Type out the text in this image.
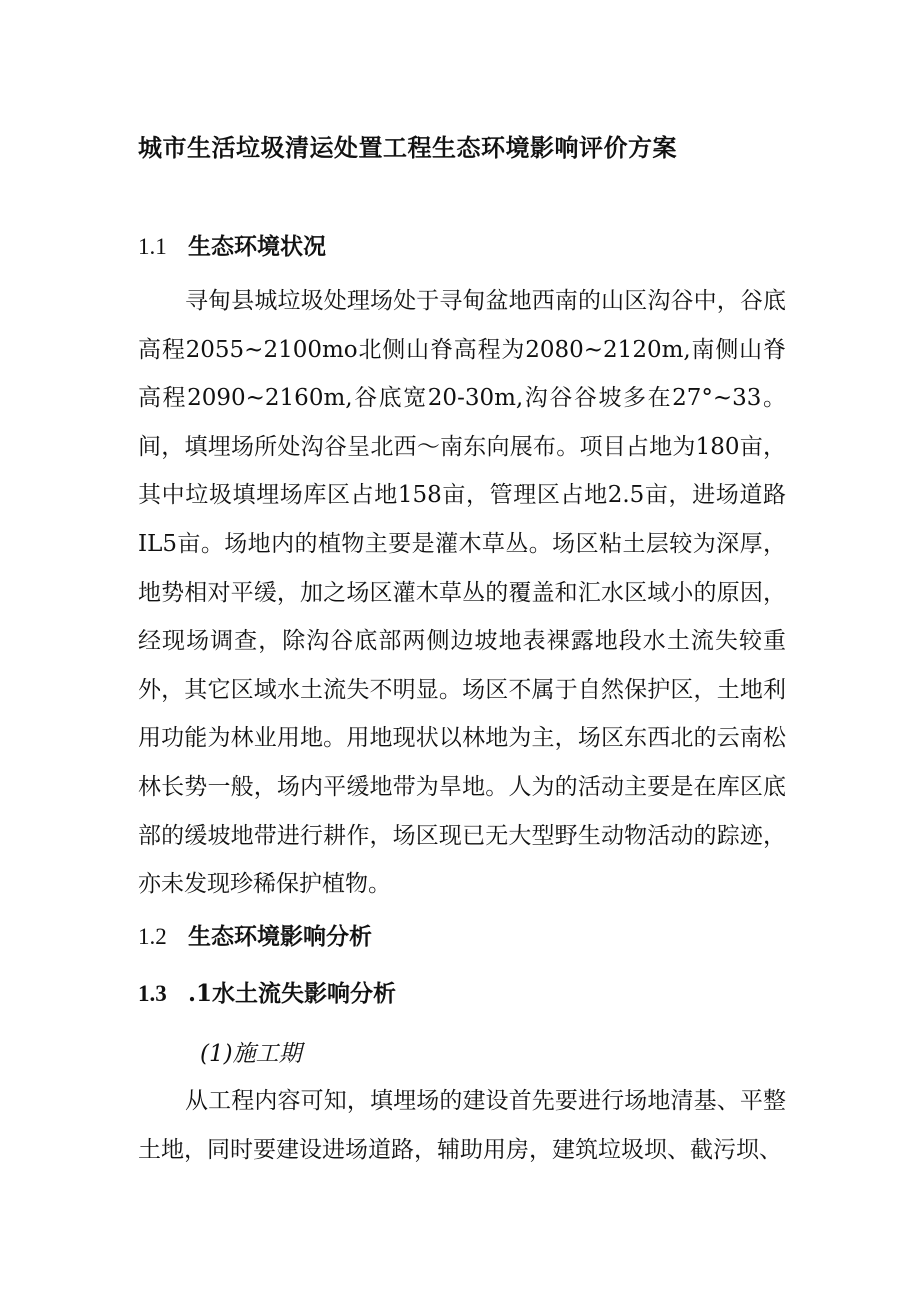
城市生活垃圾清运处置工程生态环境影响评价方案
1.1 生态环境状况

寻甸县城垃圾处理场处于寻甸盆地西南的山区沟谷中，谷底高程2055~2100mo北侧山脊高程为2080~2120m,南侧山脊高程2090~2160m,谷底宽20-30m,沟谷谷坡多在27°~33。间，填埋场所处沟谷呈北西～南东向展布。项目占地为180亩，其中垃圾填埋场库区占地158亩，管理区占地2.5亩，进场道路IL5亩。场地内的植物主要是灌木草丛。场区粘土层较为深厚，地势相对平缓，加之场区灌木草丛的覆盖和汇水区域小的原因，经现场调查，除沟谷底部两侧边坡地表裸露地段水土流失较重外，其它区域水土流失不明显。场区不属于自然保护区，土地利用功能为林业用地。用地现状以林地为主，场区东西北的云南松林长势一般，场内平缓地带为旱地。人为的活动主要是在库区底部的缓坡地带进行耕作，场区现已无大型野生动物活动的踪迹，亦未发现珍稀保护植物。

1.2 生态环境影响分析
1.3 .1水土流失影响分析

(1)施工期

从工程内容可知，填埋场的建设首先要进行场地清基、平整土地，同时要建设进场道路，辅助用房，建筑垃圾坝、截污坝、
